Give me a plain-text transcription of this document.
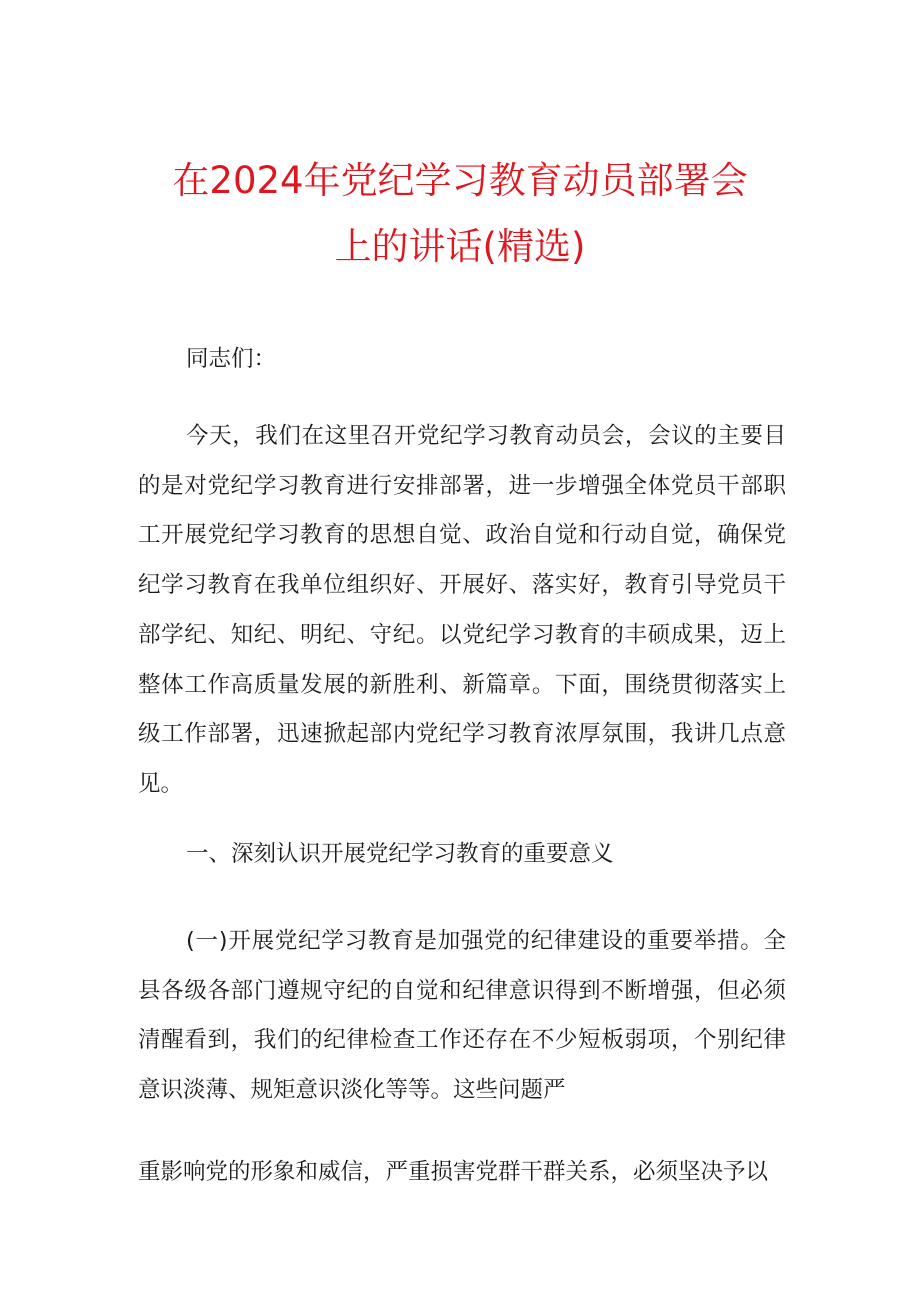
在2024年党纪学习教育动员部署会
上的讲话(精选)

同志们：

今天，我们在这里召开党纪学习教育动员会，会议的主要目的是对党纪学习教育进行安排部署，进一步增强全体党员干部职工开展党纪学习教育的思想自觉、政治自觉和行动自觉，确保党纪学习教育在我单位组织好、开展好、落实好，教育引导党员干部学纪、知纪、明纪、守纪。以党纪学习教育的丰硕成果，迈上整体工作高质量发展的新胜利、新篇章。下面，围绕贯彻落实上级工作部署，迅速掀起部内党纪学习教育浓厚氛围，我讲几点意见。

一、深刻认识开展党纪学习教育的重要意义

(一)开展党纪学习教育是加强党的纪律建设的重要举措。全县各级各部门遵规守纪的自觉和纪律意识得到不断增强，但必须清醒看到，我们的纪律检查工作还存在不少短板弱项，个别纪律意识淡薄、规矩意识淡化等等。这些问题严

重影响党的形象和威信，严重损害党群干群关系，必须坚决予以
